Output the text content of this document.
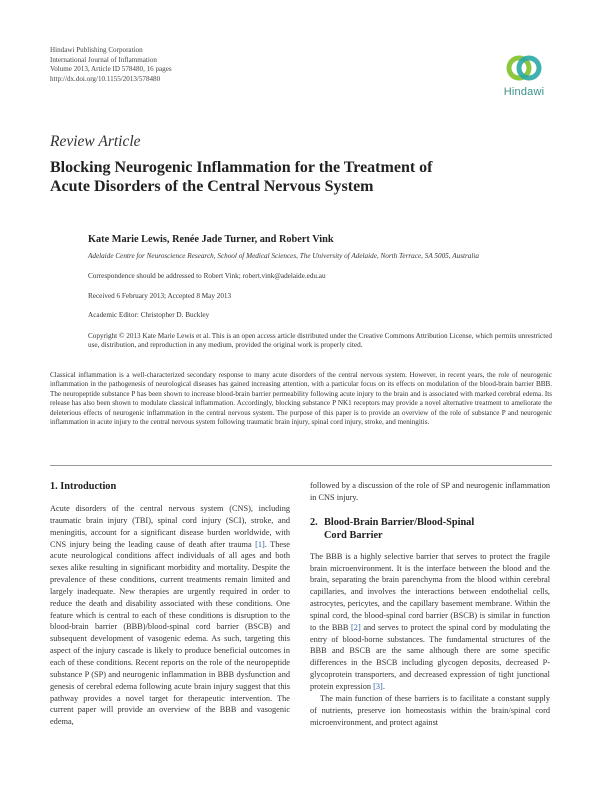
Hindawi Publishing Corporation
International Journal of Inflammation
Volume 2013, Article ID 578480, 16 pages
http://dx.doi.org/10.1155/2013/578480
Hindawi
Review Article
Blocking Neurogenic Inflammation for the Treatment of
Acute Disorders of the Central Nervous System
Kate Marie Lewis, Renée Jade Turner, and Robert Vink
Adelaide Centre for Neuroscience Research, School of Medical Sciences, The University of Adelaide, North Terrace, SA 5005, Australia
Correspondence should be addressed to Robert Vink; robert.vink@adelaide.edu.au
Received 6 February 2013; Accepted 8 May 2013
Academic Editor: Christopher D. Buckley
Copyright © 2013 Kate Marie Lewis et al. This is an open access article distributed under the Creative Commons Attribution License, which permits unrestricted use, distribution, and reproduction in any medium, provided the original work is properly cited.
Classical inflammation is a well-characterized secondary response to many acute disorders of the central nervous system. However, in recent years, the role of neurogenic inflammation in the pathogenesis of neurological diseases has gained increasing attention, with a particular focus on its effects on modulation of the blood-brain barrier BBB. The neuropeptide substance P has been shown to increase blood-brain barrier permeability following acute injury to the brain and is associated with marked cerebral edema. Its release has also been shown to modulate classical inflammation. Accordingly, blocking substance P NK1 receptors may provide a novel alternative treatment to ameliorate the deleterious effects of neurogenic inflammation in the central nervous system. The purpose of this paper is to provide an overview of the role of substance P and neurogenic inflammation in acute injury to the central nervous system following traumatic brain injury, spinal cord injury, stroke, and meningitis.
1. Introduction

Acute disorders of the central nervous system (CNS), including traumatic brain injury (TBI), spinal cord injury (SCI), stroke, and meningitis, account for a significant disease burden worldwide, with CNS injury being the leading cause of death after trauma [1]. These acute neurological conditions affect individuals of all ages and both sexes alike resulting in significant morbidity and mortality. Despite the prevalence of these conditions, current treatments remain limited and largely inadequate. New therapies are urgently required in order to reduce the death and disability associated with these conditions. One feature which is central to each of these conditions is disruption to the blood-brain barrier (BBB)/blood-spinal cord barrier (BSCB) and subsequent development of vasogenic edema. As such, targeting this aspect of the injury cascade is likely to produce beneficial outcomes in each of these conditions. Recent reports on the role of the neuropeptide substance P (SP) and neurogenic inflammation in BBB dysfunction and genesis of cerebral edema following acute brain injury suggest that this pathway provides a novel target for therapeutic intervention. The current paper will provide an overview of the BBB and vasogenic edema,

followed by a discussion of the role of SP and neurogenic inflammation in CNS injury.

2. Blood-Brain Barrier/Blood-Spinal
Cord Barrier

The BBB is a highly selective barrier that serves to protect the fragile brain microenvironment. It is the interface between the blood and the brain, separating the brain parenchyma from the blood within cerebral capillaries, and involves the interactions between endothelial cells, astrocytes, pericytes, and the capillary basement membrane. Within the spinal cord, the blood-spinal cord barrier (BSCB) is similar in function to the BBB [2] and serves to protect the spinal cord by modulating the entry of blood-borne substances. The fundamental structures of the BBB and BSCB are the same although there are some specific differences in the BSCB including glycogen deposits, decreased P-glycoprotein transporters, and decreased expression of tight junctional protein expression [3].

The main function of these barriers is to facilitate a constant supply of nutrients, preserve ion homeostasis within the brain/spinal cord microenvironment, and protect against
